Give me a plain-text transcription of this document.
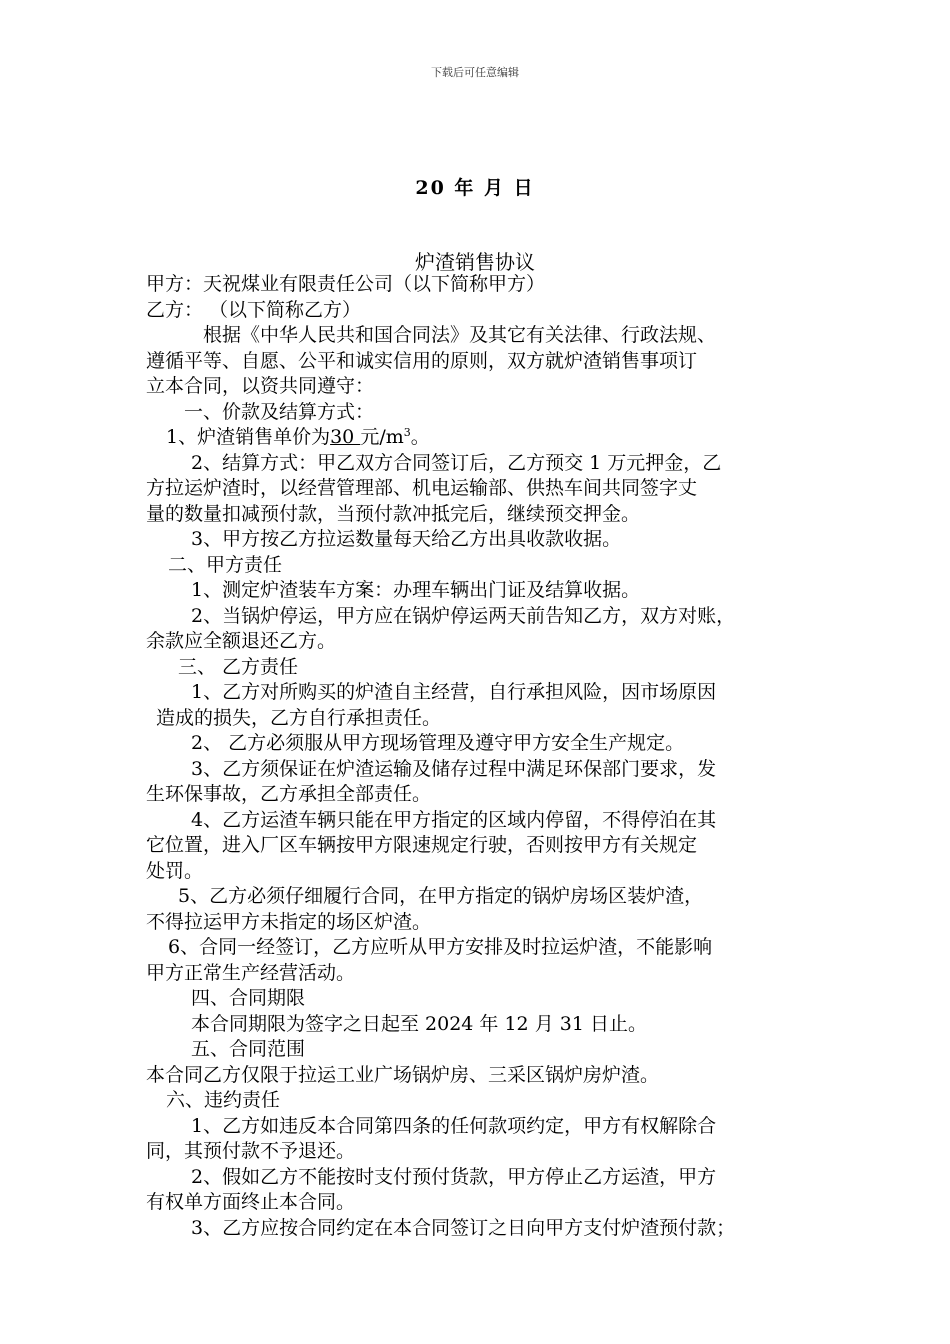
下载后可任意编辑
20 年 月 日
炉渣销售协议
甲方：天祝煤业有限责任公司（以下简称甲方）
乙方： （以下简称乙方）
根据《中华人民共和国合同法》及其它有关法律、行政法规、
遵循平等、自愿、公平和诚实信用的原则，双方就炉渣销售事项订
立本合同，以资共同遵守：
一、价款及结算方式：
1、炉渣销售单价为30 元$/m^3$。
2、结算方式：甲乙双方合同签订后，乙方预交 1 万元押金，乙
方拉运炉渣时，以经营管理部、机电运输部、供热车间共同签字丈
量的数量扣减预付款，当预付款冲抵完后，继续预交押金。
3、甲方按乙方拉运数量每天给乙方出具收款收据。
二、甲方责任
1、测定炉渣装车方案：办理车辆出门证及结算收据。
2、当锅炉停运，甲方应在锅炉停运两天前告知乙方，双方对账，
余款应全额退还乙方。
三、 乙方责任
1、乙方对所购买的炉渣自主经营，自行承担风险，因市场原因
造成的损失，乙方自行承担责任。
2、 乙方必须服从甲方现场管理及遵守甲方安全生产规定。
3、乙方须保证在炉渣运输及储存过程中满足环保部门要求，发
生环保事故，乙方承担全部责任。
4、乙方运渣车辆只能在甲方指定的区域内停留，不得停泊在其
它位置，进入厂区车辆按甲方限速规定行驶，否则按甲方有关规定
处罚。
5、乙方必须仔细履行合同，在甲方指定的锅炉房场区装炉渣，
不得拉运甲方未指定的场区炉渣。
6、合同一经签订，乙方应听从甲方安排及时拉运炉渣，不能影响
甲方正常生产经营活动。
四、合同期限
本合同期限为签字之日起至 2024 年 12 月 31 日止。
五、合同范围
本合同乙方仅限于拉运工业广场锅炉房、三采区锅炉房炉渣。
六、违约责任
1、乙方如违反本合同第四条的任何款项约定，甲方有权解除合
同，其预付款不予退还。
2、假如乙方不能按时支付预付货款，甲方停止乙方运渣，甲方
有权单方面终止本合同。
3、乙方应按合同约定在本合同签订之日向甲方支付炉渣预付款；
